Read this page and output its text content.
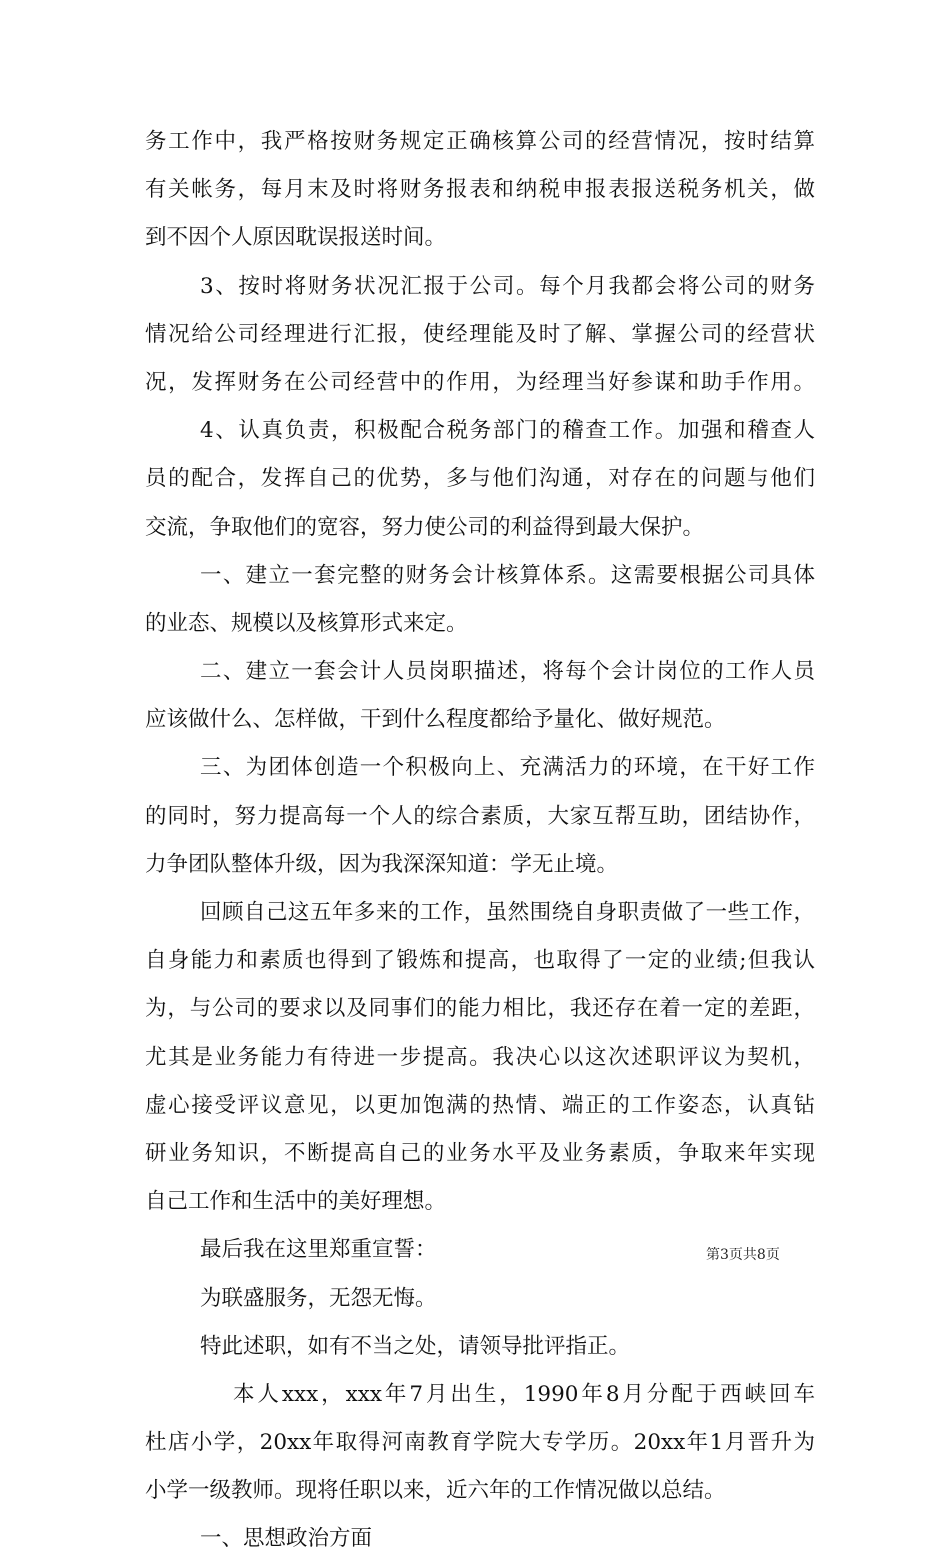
务工作中，我严格按财务规定正确核算公司的经营情况，按时结算
有关帐务，每月末及时将财务报表和纳税申报表报送税务机关，做
到不因个人原因耽误报送时间。
3、按时将财务状况汇报于公司。每个月我都会将公司的财务
情况给公司经理进行汇报，使经理能及时了解、掌握公司的经营状
况，发挥财务在公司经营中的作用，为经理当好参谋和助手作用。
4、认真负责，积极配合税务部门的稽查工作。加强和稽查人
员的配合，发挥自己的优势，多与他们沟通，对存在的问题与他们
交流，争取他们的宽容，努力使公司的利益得到最大保护。
一、建立一套完整的财务会计核算体系。这需要根据公司具体
的业态、规模以及核算形式来定。
二、建立一套会计人员岗职描述，将每个会计岗位的工作人员
应该做什么、怎样做，干到什么程度都给予量化、做好规范。
三、为团体创造一个积极向上、充满活力的环境，在干好工作
的同时，努力提高每一个人的综合素质，大家互帮互助，团结协作，
力争团队整体升级，因为我深深知道：学无止境。
回顾自己这五年多来的工作，虽然围绕自身职责做了一些工作，
自身能力和素质也得到了锻炼和提高，也取得了一定的业绩;但我认
为，与公司的要求以及同事们的能力相比，我还存在着一定的差距，
尤其是业务能力有待进一步提高。我决心以这次述职评议为契机，
虚心接受评议意见，以更加饱满的热情、端正的工作姿态，认真钻
研业务知识，不断提高自己的业务水平及业务素质，争取来年实现
自己工作和生活中的美好理想。
最后我在这里郑重宣誓：
为联盛服务，无怨无悔。
特此述职，如有不当之处，请领导批评指正。
本人xxx，xxx年7月出生，1990年8月分配于西峡回车
杜店小学，20xx年取得河南教育学院大专学历。20xx年1月晋升为
小学一级教师。现将任职以来，近六年的工作情况做以总结。
一、思想政治方面
第3页共8页
